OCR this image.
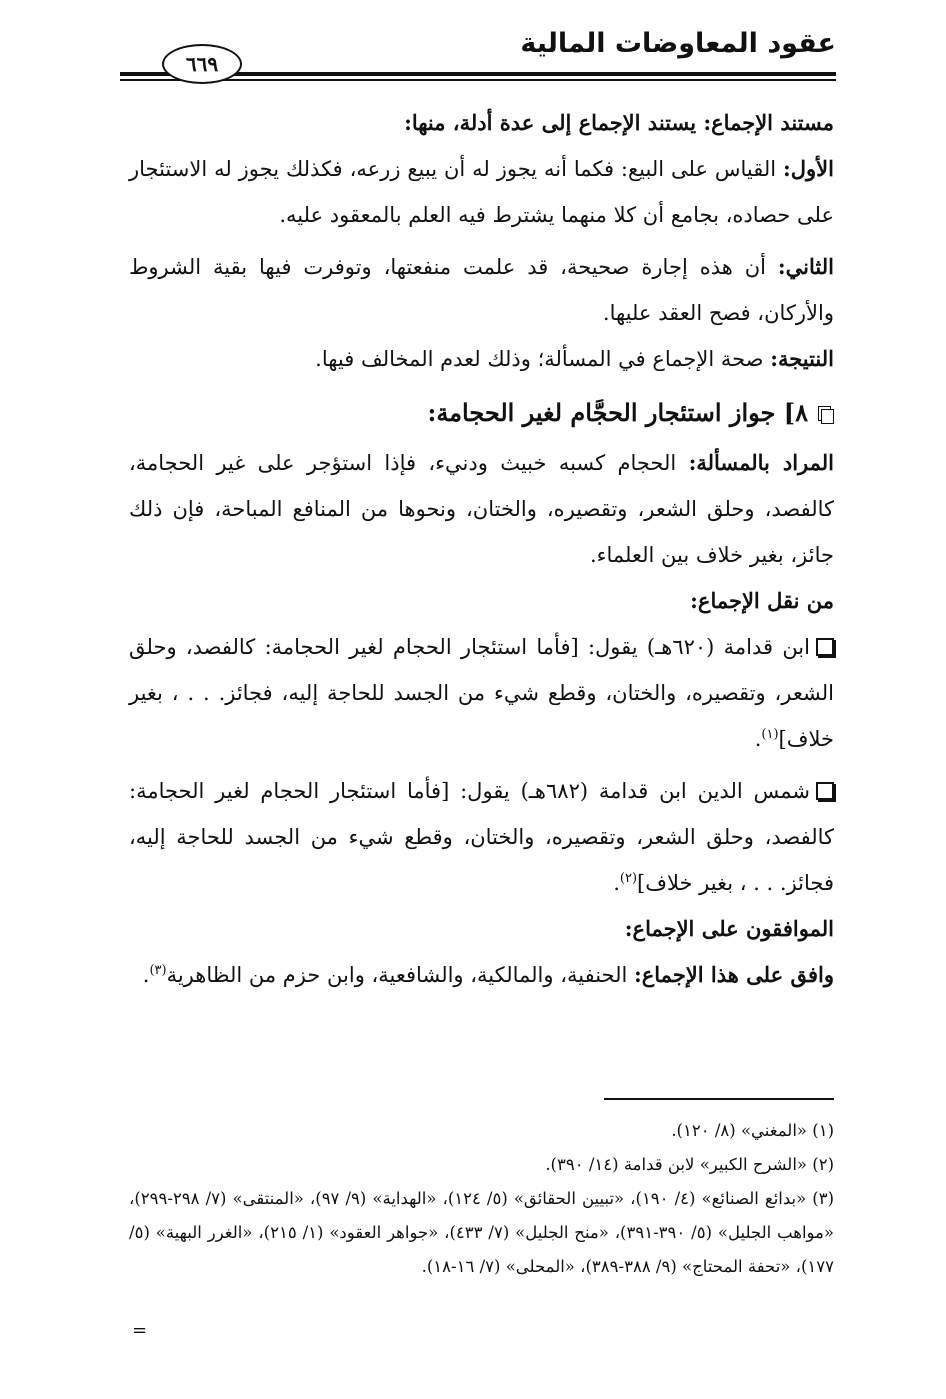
عقود المعاوضات المالية
٦٦٩

مستند الإجماع: يستند الإجماع إلى عدة أدلة، منها:

الأول: القياس على البيع: فكما أنه يجوز له أن يبيع زرعه، فكذلك يجوز له الاستئجار على حصاده، بجامع أن كلا منهما يشترط فيه العلم بالمعقود عليه.

الثاني: أن هذه إجارة صحيحة، قد علمت منفعتها، وتوفرت فيها بقية الشروط والأركان، فصح العقد عليها.

النتيجة: صحة الإجماع في المسألة؛ وذلك لعدم المخالف فيها.

٨] جواز استئجار الحجَّام لغير الحجامة:

المراد بالمسألة: الحجام كسبه خبيث ودنيء، فإذا استؤجر على غير الحجامة، كالفصد، وحلق الشعر، وتقصيره، والختان، ونحوها من المنافع المباحة، فإن ذلك جائز، بغير خلاف بين العلماء.

من نقل الإجماع:

ابن قدامة (٦٢٠هـ) يقول: [فأما استئجار الحجام لغير الحجامة: كالفصد، وحلق الشعر، وتقصيره، والختان، وقطع شيء من الجسد للحاجة إليه، فجائز. . . ، بغير خلاف]$^{(١)}$.

شمس الدين ابن قدامة (٦٨٢هـ) يقول: [فأما استئجار الحجام لغير الحجامة: كالفصد، وحلق الشعر، وتقصيره، والختان، وقطع شيء من الجسد للحاجة إليه، فجائز. . . ، بغير خلاف]$^{(٢)}$.

الموافقون على الإجماع:

وافق على هذا الإجماع: الحنفية، والمالكية، والشافعية، وابن حزم من الظاهرية$^{(٣)}$.

(١) «المغني» (٨/ ١٢٠).

(٢) «الشرح الكبير» لابن قدامة (١٤/ ٣٩٠).

(٣) «بدائع الصنائع» (٤/ ١٩٠)، «تبيين الحقائق» (٥/ ١٢٤)، «الهداية» (٩/ ٩٧)، «المنتقى» (٧/ ٢٩٨-٢٩٩)، «مواهب الجليل» (٥/ ٣٩٠-٣٩١)، «منح الجليل» (٧/ ٤٣٣)، «جواهر العقود» (١/ ٢١٥)، «الغرر البهية» (٥/ ١٧٧)، «تحفة المحتاج» (٩/ ٣٨٨-٣٨٩)، «المحلى» (٧/ ١٦-١٨).

=
